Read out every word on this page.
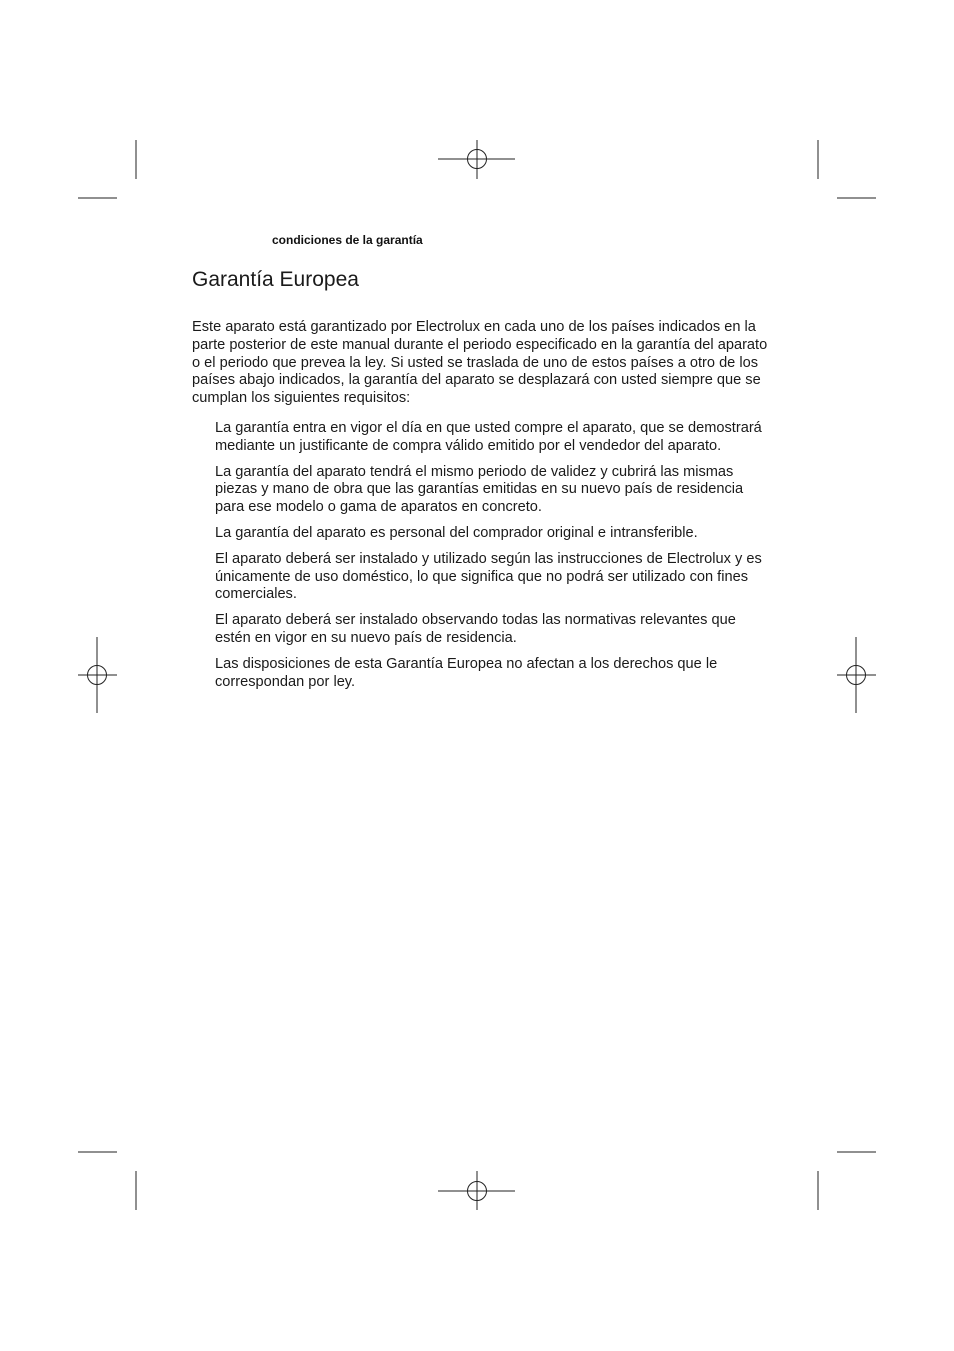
condiciones de la garantía
Garantía Europea

Este aparato está garantizado por Electrolux en cada uno de los países indicados en la parte posterior de este manual durante el periodo especificado en la garantía del aparato o el periodo que prevea la ley. Si usted se traslada de uno de estos países a otro de los países abajo indicados, la garantía del aparato se desplazará con usted siempre que se cumplan los siguientes requisitos:

La garantía entra en vigor el día en que usted compre el aparato, que se demostrará mediante un justificante de compra válido emitido por el vendedor del aparato.
La garantía del aparato tendrá el mismo periodo de validez y cubrirá las mismas piezas y mano de obra que las garantías emitidas en su nuevo país de residencia para ese modelo o gama de aparatos en concreto.
La garantía del aparato es personal del comprador original e intransferible.
El aparato deberá ser instalado y utilizado según las instrucciones de Electrolux y es únicamente de uso doméstico, lo que significa que no podrá ser utilizado con fines comerciales.
El aparato deberá ser instalado observando todas las normativas relevantes que estén en vigor en su nuevo país de residencia.
Las disposiciones de esta Garantía Europea no afectan a los derechos que le correspondan por ley.
